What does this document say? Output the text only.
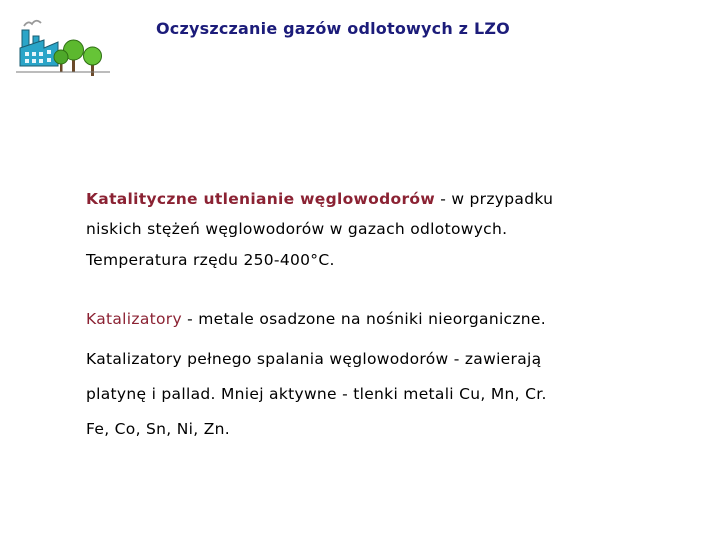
Oczyszczanie gazów odlotowych z LZO
Katalityczne utlenianie węglowodorów - w przypadku
niskich stężeń węglowodorów w gazach odlotowych.
Temperatura rzędu 250-400°C.
Katalizatory - metale osadzone na nośniki nieorganiczne.
Katalizatory pełnego spalania węglowodorów - zawierają
platynę i pallad. Mniej aktywne - tlenki metali Cu, Mn, Cr.
Fe, Co, Sn, Ni, Zn.
